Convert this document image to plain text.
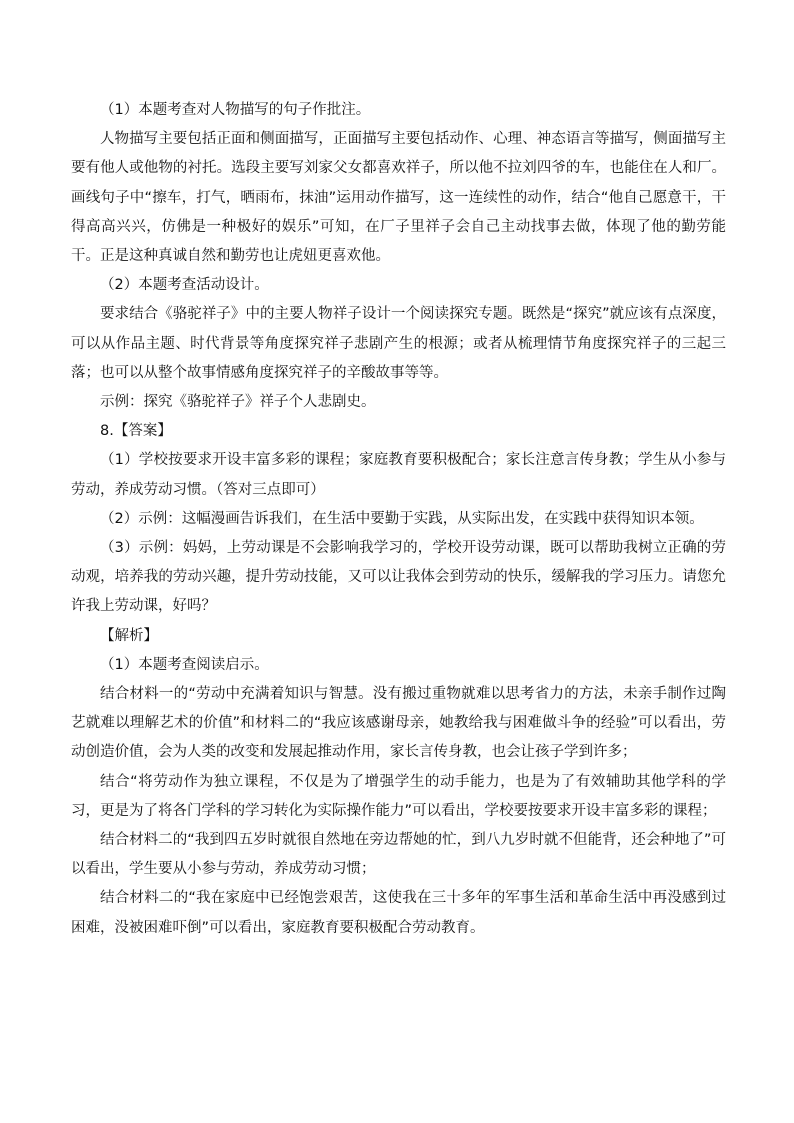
（1）本题考查对人物描写的句子作批注。

人物描写主要包括正面和侧面描写，正面描写主要包括动作、心理、神态语言等描写，侧面描写主要有他人或他物的衬托。选段主要写刘家父女都喜欢祥子，所以他不拉刘四爷的车，也能住在人和厂。画线句子中“擦车，打气，晒雨布，抹油”运用动作描写，这一连续性的动作，结合“他自己愿意干，干得高高兴兴，仿佛是一种极好的娱乐”可知，在厂子里祥子会自己主动找事去做，体现了他的勤劳能干。正是这种真诚自然和勤劳也让虎妞更喜欢他。

（2）本题考查活动设计。

要求结合《骆驼祥子》中的主要人物祥子设计一个阅读探究专题。既然是“探究”就应该有点深度，可以从作品主题、时代背景等角度探究祥子悲剧产生的根源；或者从梳理情节角度探究祥子的三起三落；也可以从整个故事情感角度探究祥子的辛酸故事等等。

示例：探究《骆驼祥子》祥子个人悲剧史。

8.【答案】

（1）学校按要求开设丰富多彩的课程；家庭教育要积极配合；家长注意言传身教；学生从小参与劳动，养成劳动习惯。（答对三点即可）

（2）示例：这幅漫画告诉我们，在生活中要勤于实践，从实际出发，在实践中获得知识本领。

（3）示例：妈妈，上劳动课是不会影响我学习的，学校开设劳动课，既可以帮助我树立正确的劳动观，培养我的劳动兴趣，提升劳动技能，又可以让我体会到劳动的快乐，缓解我的学习压力。请您允许我上劳动课，好吗？

【解析】

（1）本题考查阅读启示。

结合材料一的“劳动中充满着知识与智慧。没有搬过重物就难以思考省力的方法，未亲手制作过陶艺就难以理解艺术的价值”和材料二的“我应该感谢母亲，她教给我与困难做斗争的经验”可以看出，劳动创造价值，会为人类的改变和发展起推动作用，家长言传身教，也会让孩子学到许多；

结合“将劳动作为独立课程，不仅是为了增强学生的动手能力，也是为了有效辅助其他学科的学习，更是为了将各门学科的学习转化为实际操作能力”可以看出，学校要按要求开设丰富多彩的课程；

结合材料二的“我到四五岁时就很自然地在旁边帮她的忙，到八九岁时就不但能背，还会种地了”可以看出，学生要从小参与劳动，养成劳动习惯；

结合材料二的“我在家庭中已经饱尝艰苦，这使我在三十多年的军事生活和革命生活中再没感到过困难，没被困难吓倒”可以看出，家庭教育要积极配合劳动教育。
